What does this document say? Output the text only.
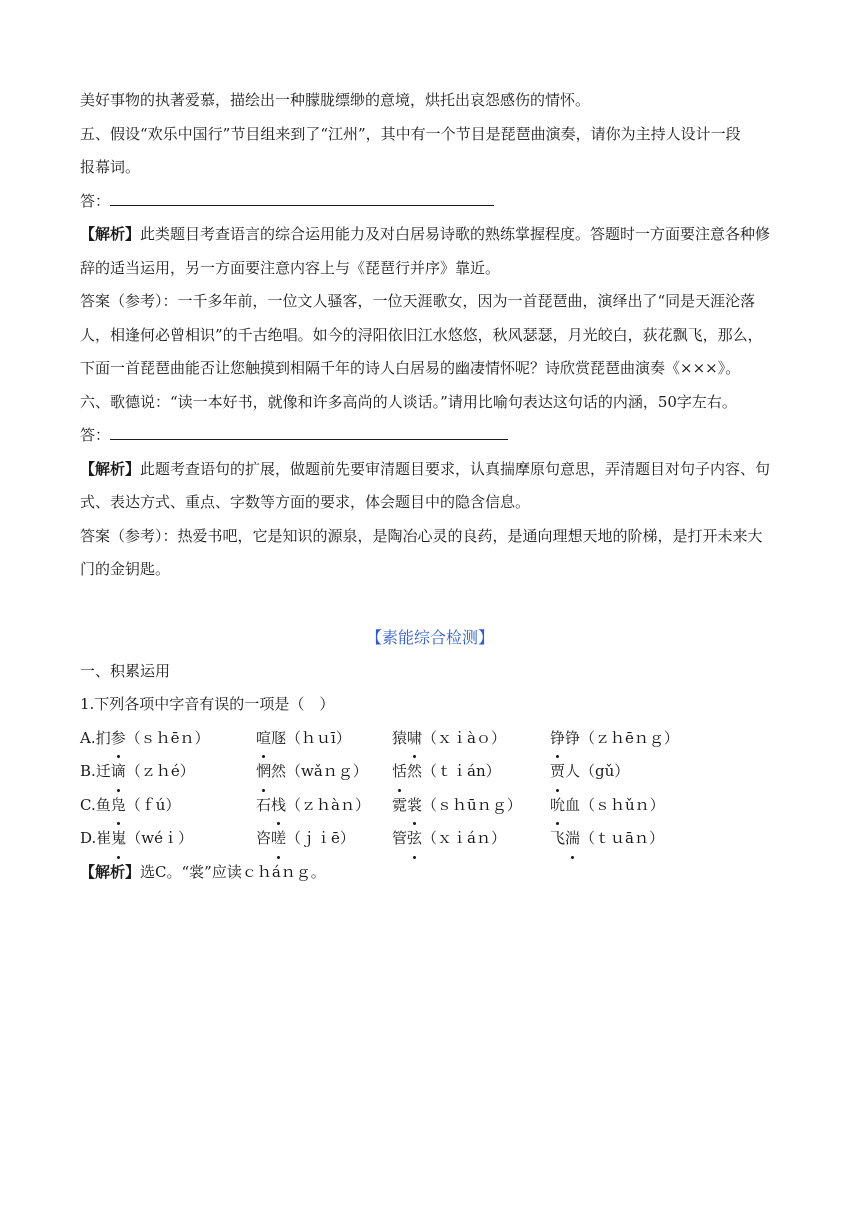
美好事物的执著爱慕，描绘出一种朦胧缥缈的意境，烘托出哀怨感伤的情怀。

五、假设“欢乐中国行”节目组来到了“江州”，其中有一个节目是琵琶曲演奏，请你为主持人设计一段

报幕词。

答：

【解析】此类题目考查语言的综合运用能力及对白居易诗歌的熟练掌握程度。答题时一方面要注意各种修

辞的适当运用，另一方面要注意内容上与《琵琶行并序》靠近。

答案（参考）：一千多年前，一位文人骚客，一位天涯歌女，因为一首琵琶曲，演绎出了“同是天涯沦落

人，相逢何必曾相识”的千古绝唱。如今的浔阳依旧江水悠悠，秋风瑟瑟，月光皎白，荻花飘飞，那么，

下面一首琵琶曲能否让您触摸到相隔千年的诗人白居易的幽凄情怀呢？诗欣赏琵琶曲演奏《×××》。

六、歌德说：“读一本好书，就像和许多高尚的人谈话。”请用比喻句表达这句话的内涵，50字左右。

答：

【解析】此题考查语句的扩展，做题前先要审清题目要求，认真揣摩原句意思，弄清题目对句子内容、句

式、表达方式、重点、字数等方面的要求，体会题目中的隐含信息。

答案（参考）：热爱书吧，它是知识的源泉，是陶冶心灵的良药，是通向理想天地的阶梯，是打开未来大

门的金钥匙。

【素能综合检测】

一、积累运用

1.下列各项中字音有误的一项是（　）

A.扪参（ｓｈēｎ）	喧豗（ｈｕī）	猿啸（ｘｉàｏ）	铮铮（ｚｈēｎｇ）
B.迁谪（ｚｈé）	惘然（wǎｎｇ） 恬然（ｔｉán）	贾人（gǔ）
C.鱼凫（ｆú）	石栈（ｚｈàｎ） 霓裳（ｓｈūｎｇ） 吮血（ｓｈǔｎ）
D.崔嵬（wéｉ）	咨嗟（ｊｉē） 管弦（ｘｉáｎ）	飞湍（ｔｕāｎ）

【解析】选C。“裳”应读ｃｈáｎｇ。
